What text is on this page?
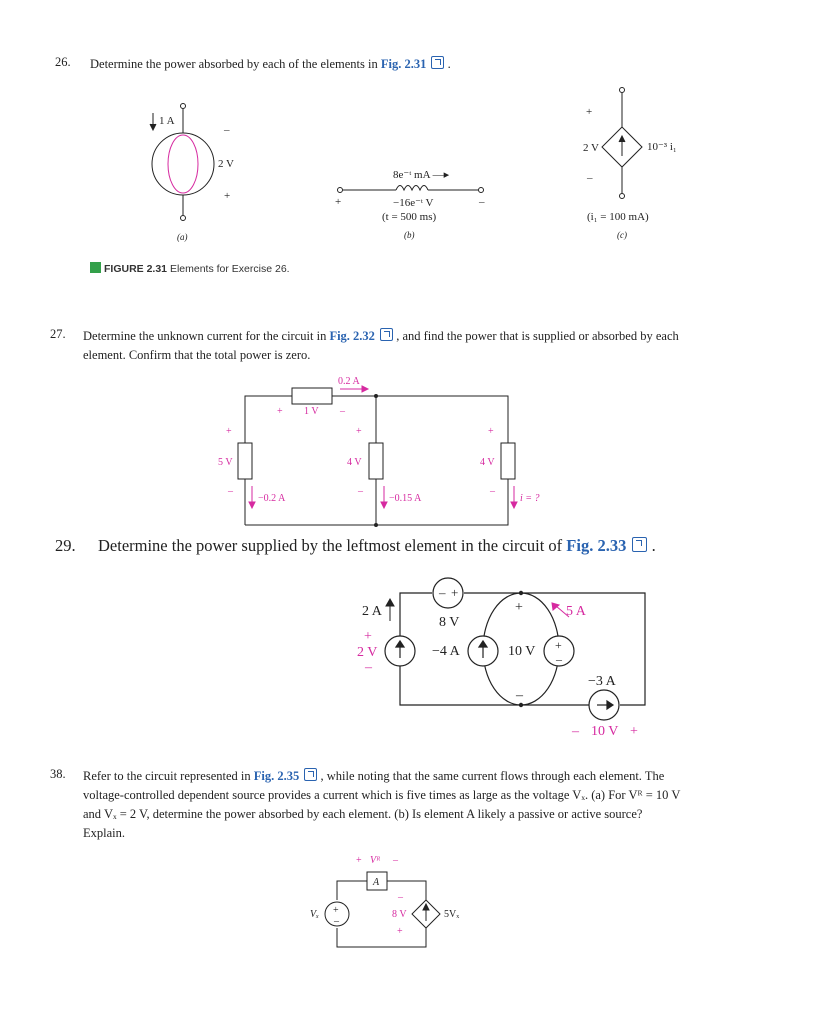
26. Determine the power absorbed by each of the elements in Fig. 2.31  .
1 A
–
2 V
+
(a)
8e⁻ᵗ mA —▸
+	−16e⁻ᵗ V	–
(t = 500 ms)
(b)
+
2 V	10⁻³ i₁
–
(i₁ = 100 mA)
(c)
FIGURE 2.31 Elements for Exercise 26.
27. Determine the unknown current for the circuit in Fig. 2.32  , and find the power that is supplied or absorbed by each element. Confirm that the total power is zero.
0.2 A
+ 1 V –
+
5 V
–
−0.2 A
+
4 V
–
−0.15 A
+
4 V
–
i = ?
29. Determine the power supplied by the leftmost element in the circuit of Fig. 2.33  .
– +
2 A
8 V
+
−4 A	10 V +
–
–
−3 A
+
2 V
–
5 A
– 10 V +
38. Refer to the circuit represented in Fig. 2.35  , while noting that the same current flows through each element. The voltage-controlled dependent source provides a current which is five times as large as the voltage Vₓ. (a) For Vᴿ = 10 V and Vₓ = 2 V, determine the power absorbed by each element. (b) Is element A likely a passive or active source? Explain.
A
+
–
Vₓ	5Vₓ
+ Vᴿ –
–
8 V
+
